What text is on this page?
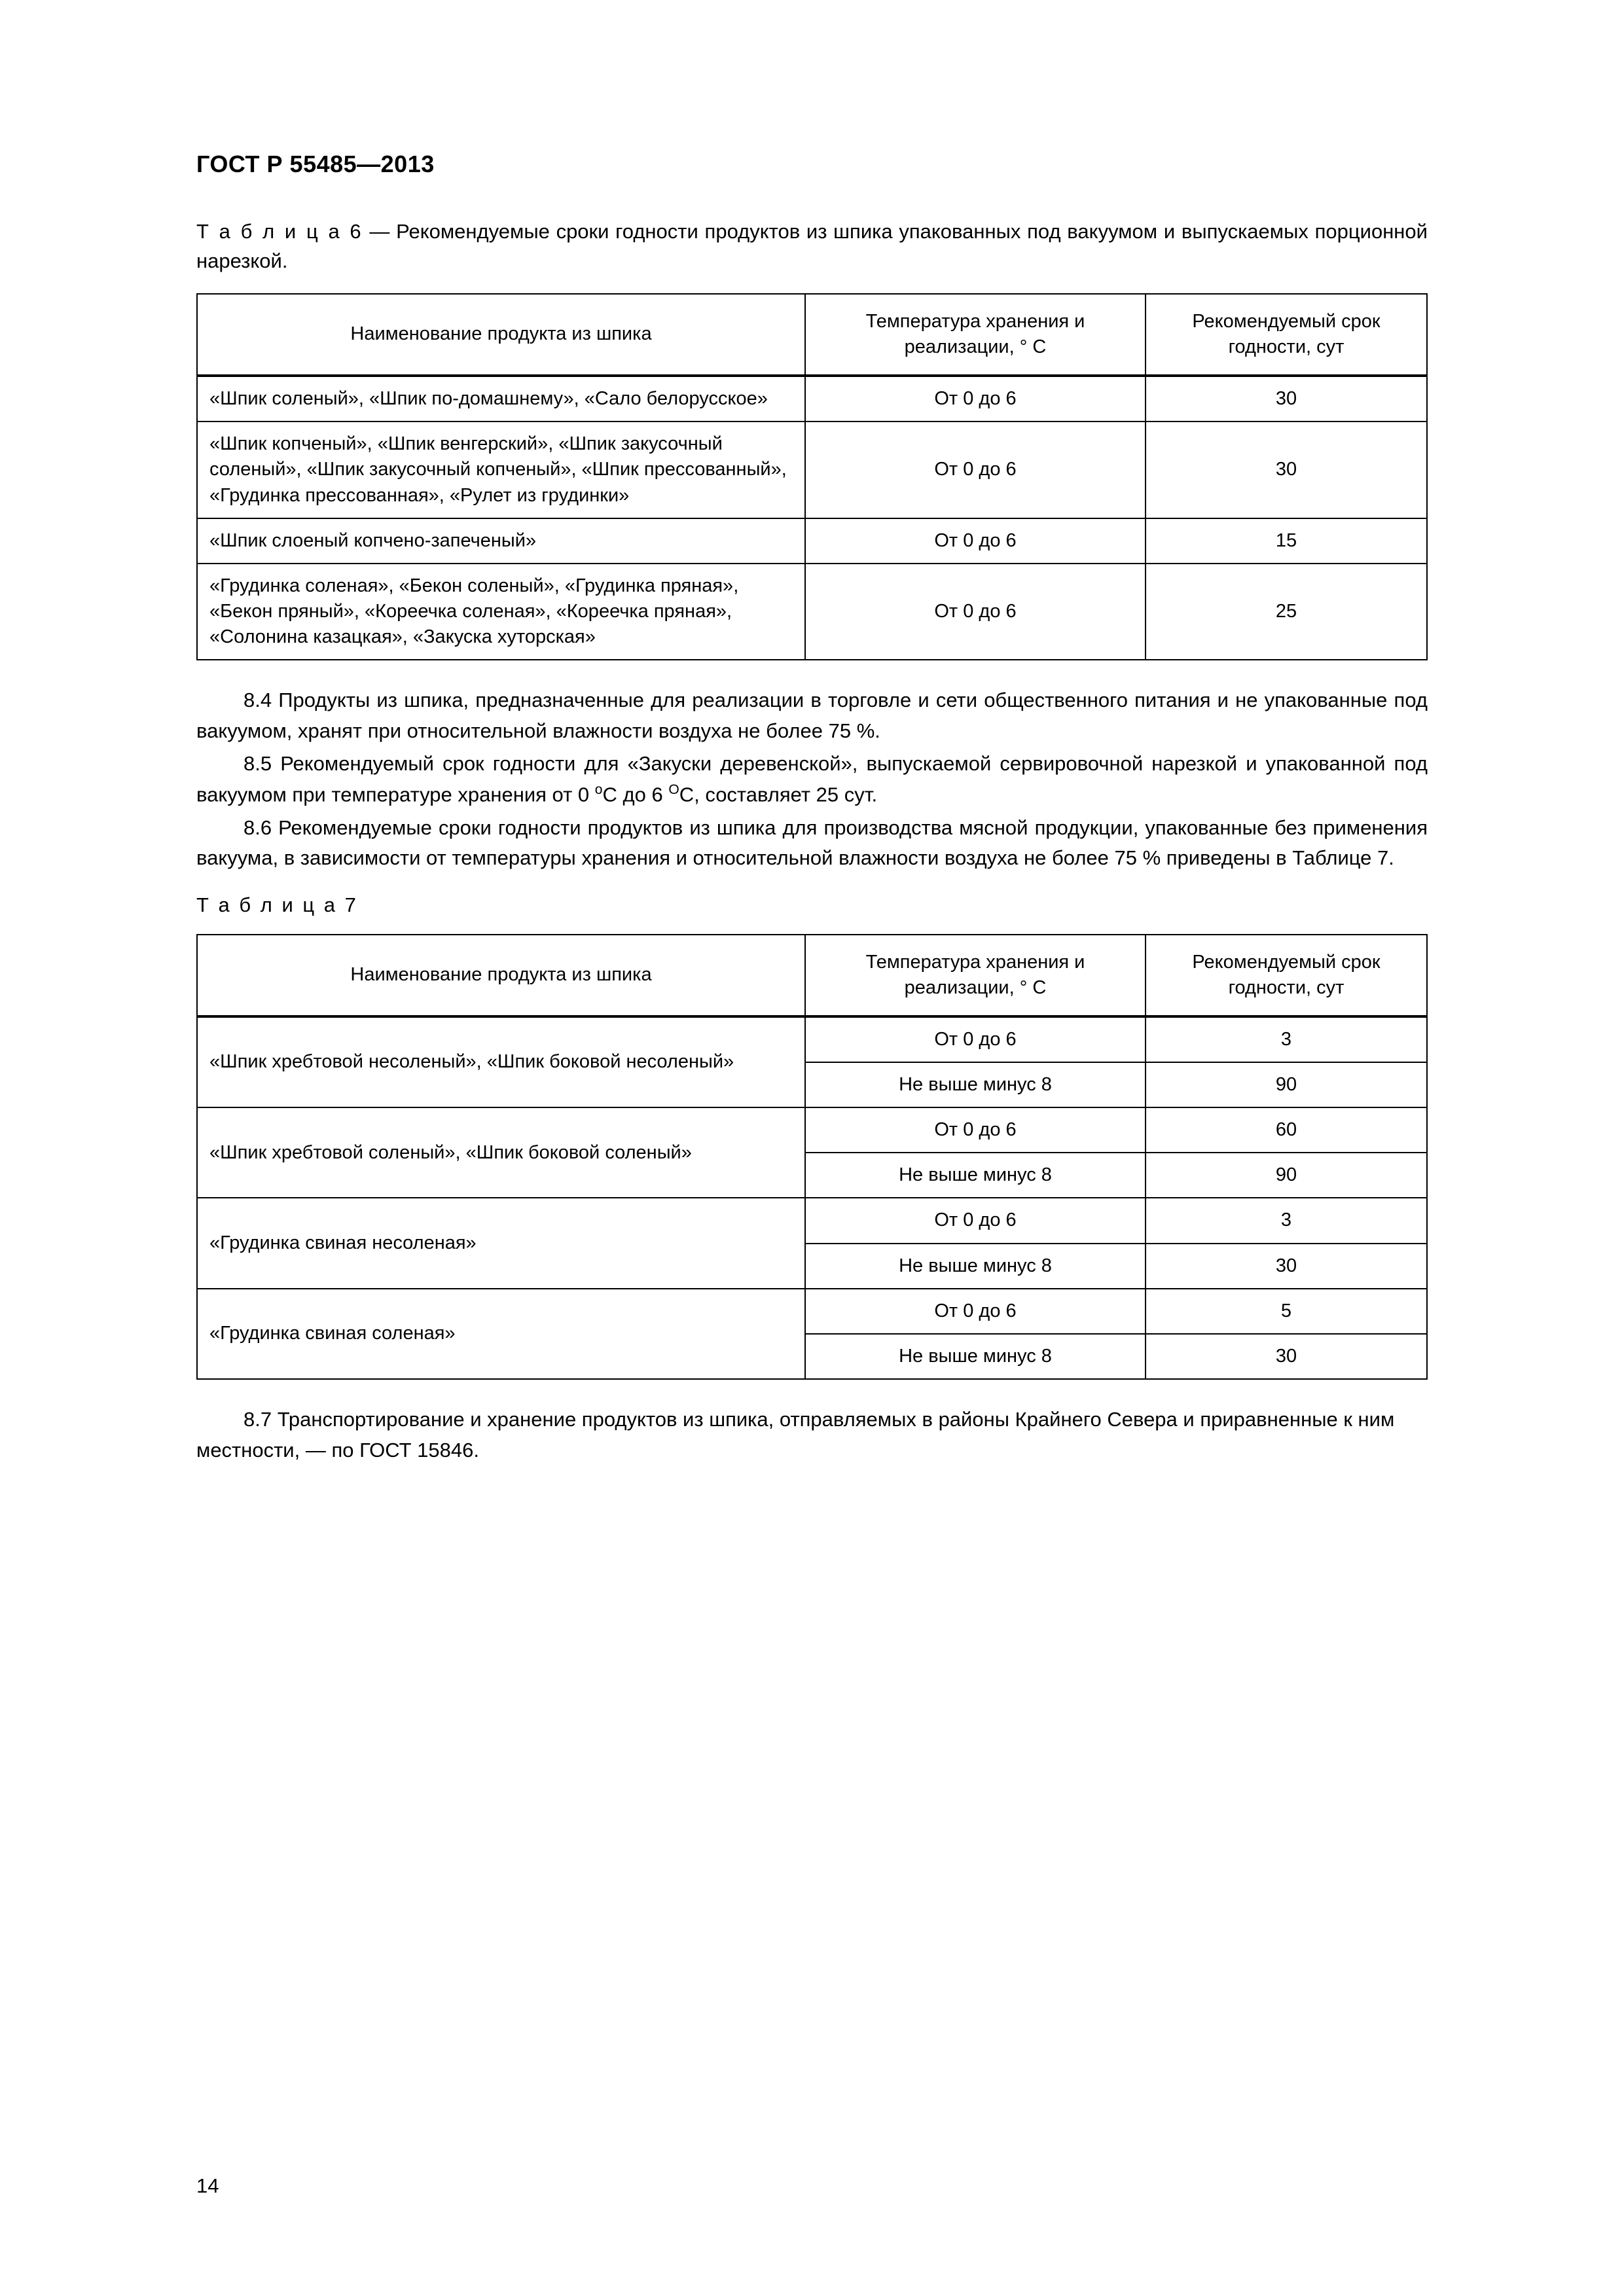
ГОСТ Р 55485—2013

Т а б л и ц а 6 — Рекомендуемые сроки годности продуктов из шпика упакованных под вакуумом и выпускаемых порционной нарезкой.

Наименование продукта из шпика	Температура хранения и реализации, ° С	Рекомендуемый срок годности, сут
«Шпик соленый», «Шпик по-домашнему», «Сало белорусское»	От 0 до 6	30
«Шпик копченый», «Шпик венгерский», «Шпик закусочный соленый», «Шпик закусочный копченый», «Шпик прессованный», «Грудинка прессованная», «Рулет из грудинки»	От 0 до 6	30
«Шпик слоеный копчено-запеченый»	От 0 до 6	15
«Грудинка соленая», «Бекон соленый», «Грудинка пряная», «Бекон пряный», «Кореечка соленая», «Кореечка пряная», «Солонина казацкая», «Закуска хуторская»	От 0 до 6	25

8.4 Продукты из шпика, предназначенные для реализации в торговле и сети общественного питания и не упакованные под вакуумом, хранят при относительной влажности воздуха не более 75 %.

8.5 Рекомендуемый срок годности для «Закуски деревенской», выпускаемой сервировочной нарезкой и упакованной под вакуумом при температуре хранения от 0 $^о$С до 6 $^О$С, составляет 25 сут.

8.6 Рекомендуемые сроки годности продуктов из шпика для производства мясной продукции, упакованные без применения вакуума, в зависимости от температуры хранения и относительной влажности воздуха не более 75 % приведены в Таблице 7.

Т а б л и ц а 7
Наименование продукта из шпика	Температура хранения и реализации, ° С	Рекомендуемый срок годности, сут
«Шпик хребтовой несоленый», «Шпик боковой несоленый»	От 0 до 6	3
	Не выше минус 8	90
«Шпик хребтовой соленый», «Шпик боковой соленый»	От 0 до 6	60
	Не выше минус 8	90
«Грудинка свиная несоленая»	От 0 до 6	3
	Не выше минус 8	30
«Грудинка свиная соленая»	От 0 до 6	5
	Не выше минус 8	30

8.7 Транспортирование и хранение продуктов из шпика, отправляемых в районы Крайнего Севера и приравненные к ним местности, — по ГОСТ 15846.

14
